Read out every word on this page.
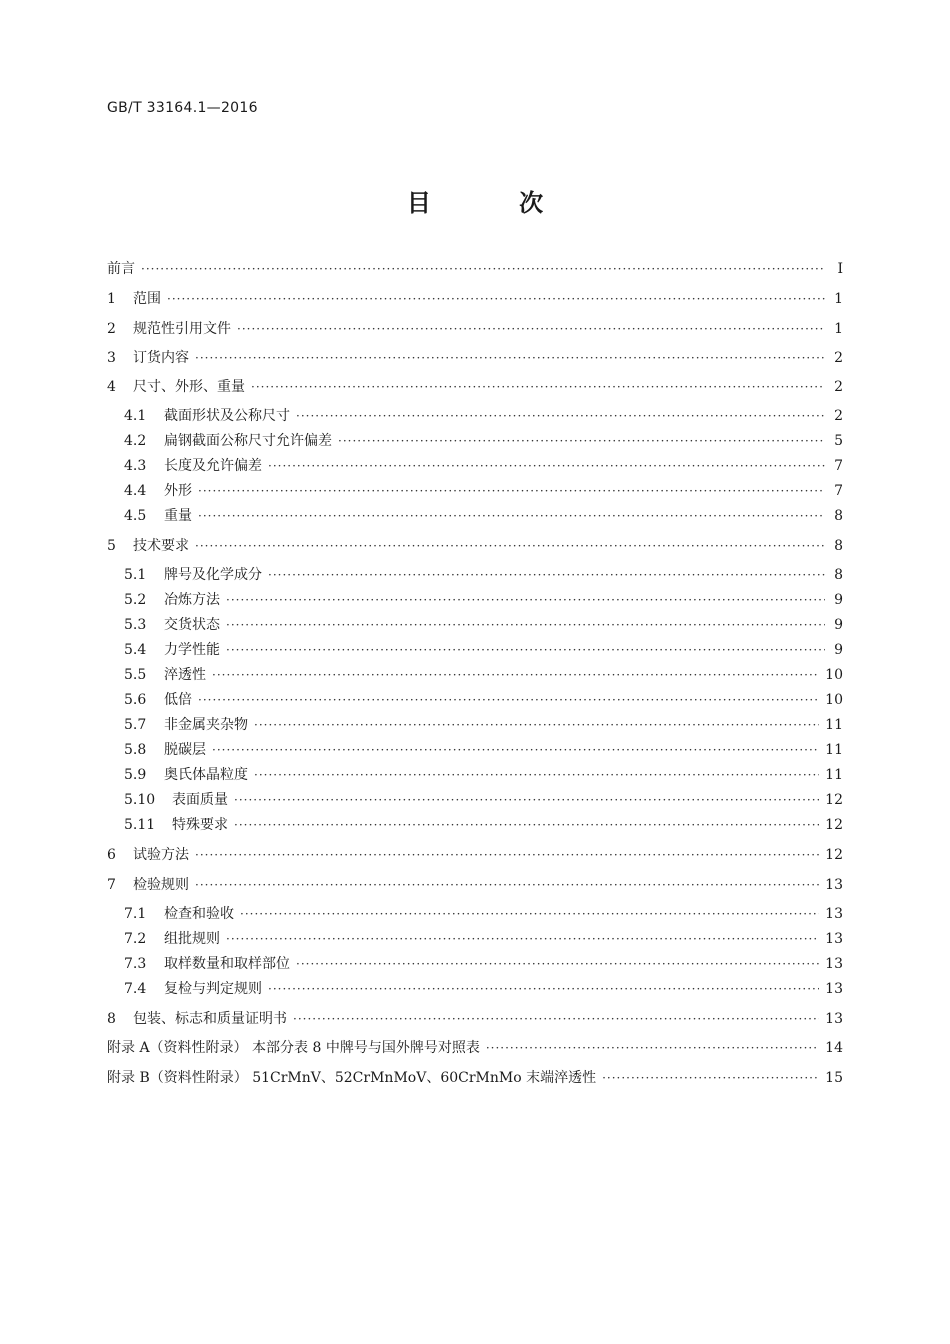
GB/T 33164.1—2016
目 次
前言 ·····	Ⅰ
1	范围 ·····	1
2	规范性引用文件 ·····	1
3	订货内容 ·····	2
4	尺寸、外形、重量 ·····	2
4.1	截面形状及公称尺寸 ·····	2
4.2	扁钢截面公称尺寸允许偏差 ·····	5
4.3	长度及允许偏差 ·····	7
4.4	外形 ·····	7
4.5	重量 ·····	8
5	技术要求 ·····	8
5.1	牌号及化学成分 ·····	8
5.2	冶炼方法 ·····	9
5.3	交货状态 ·····	9
5.4	力学性能 ·····	9
5.5	淬透性 ·····	10
5.6	低倍 ·····	10
5.7	非金属夹杂物 ·····	11
5.8	脱碳层 ·····	11
5.9	奥氏体晶粒度 ·····	11
5.10	表面质量 ·····	12
5.11	特殊要求 ·····	12
6	试验方法 ·····	12
7	检验规则 ·····	13
7.1	检查和验收 ·····	13
7.2	组批规则 ·····	13
7.3	取样数量和取样部位 ·····	13
7.4	复检与判定规则 ·····	13
8	包装、标志和质量证明书 ·····	13
附录 A（资料性附录） 本部分表 8 中牌号与国外牌号对照表 ·····	14
附录 B（资料性附录） 51CrMnV、52CrMnMoV、60CrMnMo 末端淬透性 ·····	15
